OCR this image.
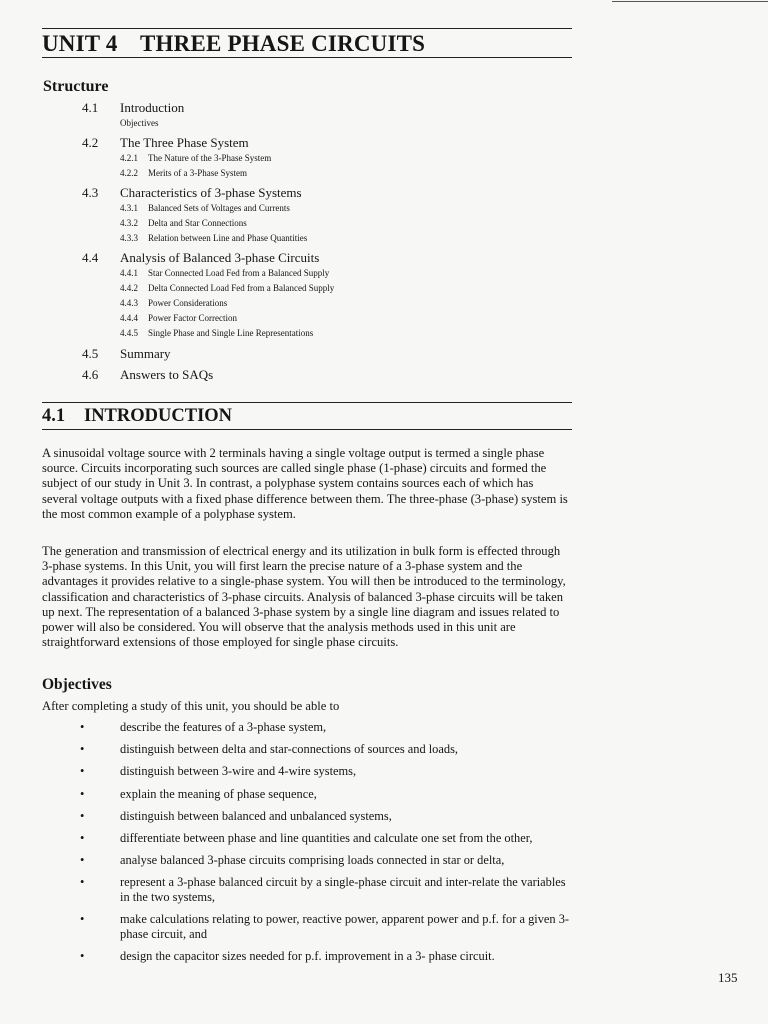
UNIT 4 THREE PHASE CIRCUITS
Structure
4.1	Introduction
Objectives
4.2	The Three Phase System
4.2.1	The Nature of the 3-Phase System
4.2.2	Merits of a 3-Phase System
4.3	Characteristics of 3-phase Systems
4.3.1	Balanced Sets of Voltages and Currents
4.3.2	Delta and Star Connections
4.3.3	Relation between Line and Phase Quantities
4.4	Analysis of Balanced 3-phase Circuits
4.4.1	Star Connected Load Fed from a Balanced Supply
4.4.2	Delta Connected Load Fed from a Balanced Supply
4.4.3	Power Considerations
4.4.4	Power Factor Correction
4.4.5	Single Phase and Single Line Representations
4.5	Summary
4.6	Answers to SAQs
4.1 INTRODUCTION
A sinusoidal voltage source with 2 terminals having a single voltage output is termed a single phase source. Circuits incorporating such sources are called single phase (1-phase) circuits and formed the subject of our study in Unit 3. In contrast, a polyphase system contains sources each of which has several voltage outputs with a fixed phase difference between them. The three-phase (3-phase) system is the most common example of a polyphase system.
The generation and transmission of electrical energy and its utilization in bulk form is effected through 3-phase systems. In this Unit, you will first learn the precise nature of a 3-phase system and the advantages it provides relative to a single-phase system. You will then be introduced to the terminology, classification and characteristics of 3-phase circuits. Analysis of balanced 3-phase circuits will be taken up next. The representation of a balanced 3-phase system by a single line diagram and issues related to power will also be considered. You will observe that the analysis methods used in this unit are straightforward extensions of those employed for single phase circuits.
Objectives
After completing a study of this unit, you should be able to
•	describe the features of a 3-phase system,
•	distinguish between delta and star-connections of sources and loads,
•	distinguish between 3-wire and 4-wire systems,
•	explain the meaning of phase sequence,
•	distinguish between balanced and unbalanced systems,
•	differentiate between phase and line quantities and calculate one set from the other,
•	analyse balanced 3-phase circuits comprising loads connected in star or delta,
•	represent a 3-phase balanced circuit by a single-phase circuit and inter-relate the variables in the two systems,
•	make calculations relating to power, reactive power, apparent power and p.f. for a given 3-phase circuit, and
•	design the capacitor sizes needed for p.f. improvement in a 3- phase circuit.
135
